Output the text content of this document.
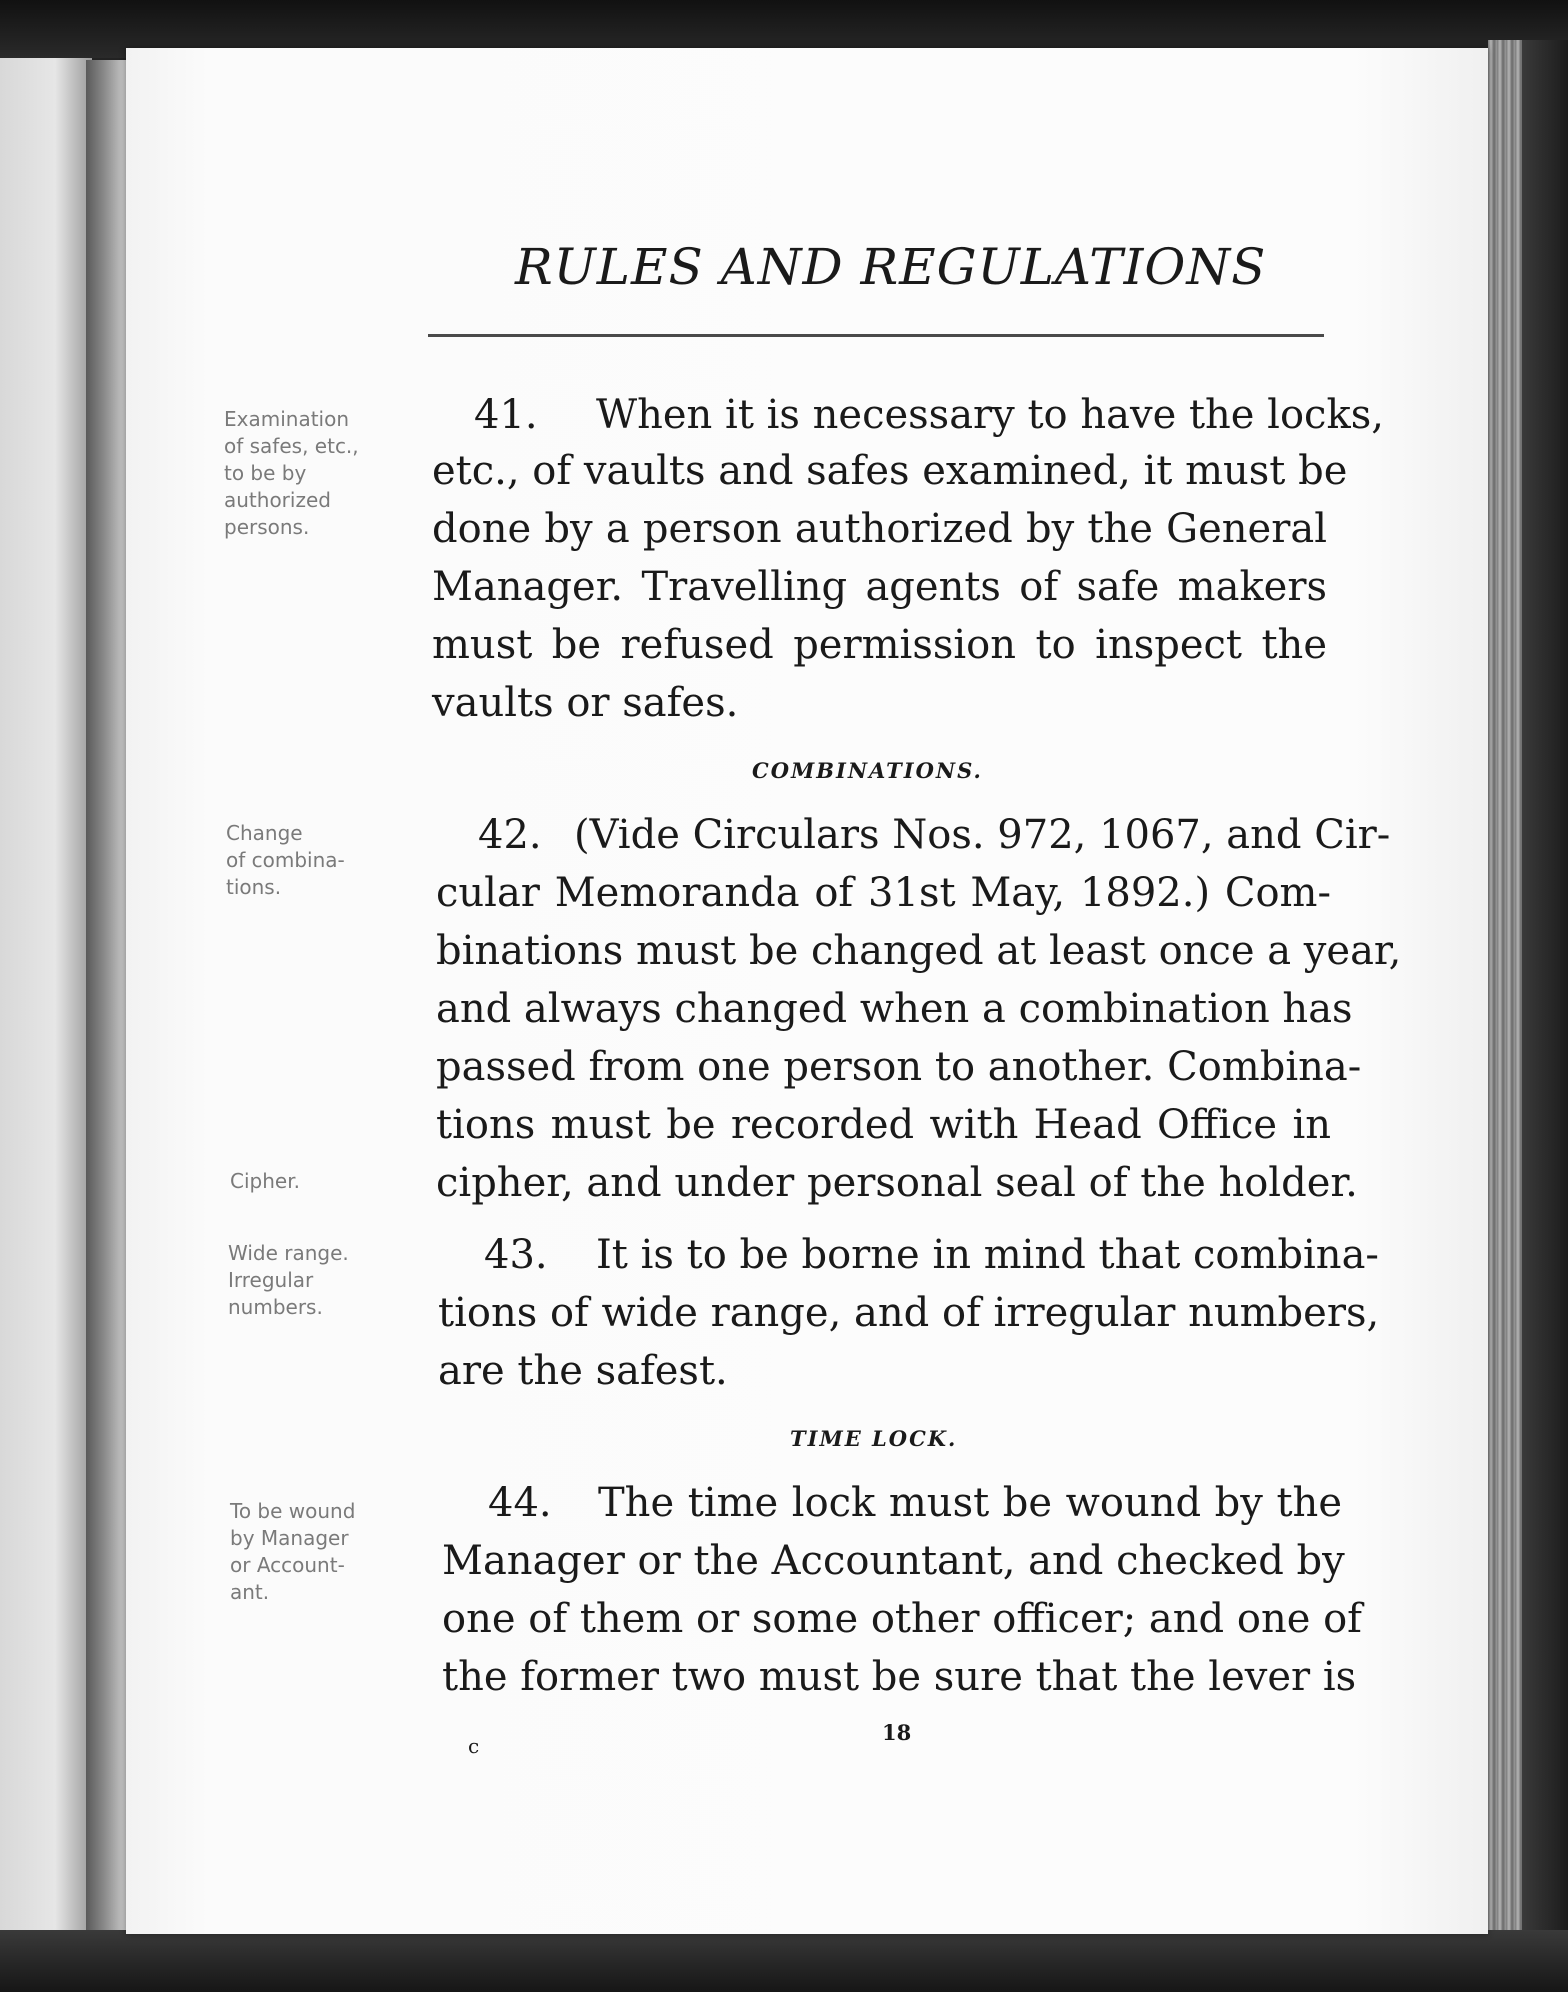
RULES AND REGULATIONS
41. When it is necessary to have the locks,
etc., of vaults and safes examined, it must be
done by a person authorized by the General
Manager. Travelling agents of safe makers
must be refused permission to inspect the
vaults or safes.
COMBINATIONS.
42. (Vide Circulars Nos. 972, 1067, and Cir-
cular Memoranda of 31st May, 1892.) Com-
binations must be changed at least once a year,
and always changed when a combination has
passed from one person to another. Combina-
tions must be recorded with Head Office in
cipher, and under personal seal of the holder.
43. It is to be borne in mind that combina-
tions of wide range, and of irregular numbers,
are the safest.
TIME LOCK.
44. The time lock must be wound by the
Manager or the Accountant, and checked by
one of them or some other officer; and one of
the former two must be sure that the lever is
Examination
of safes, etc.,
to be by
authorized
persons.
Change
of combina-
tions.
Cipher.
Wide range.
Irregular
numbers.
To be wound
by Manager
or Account-
ant.
c
18
